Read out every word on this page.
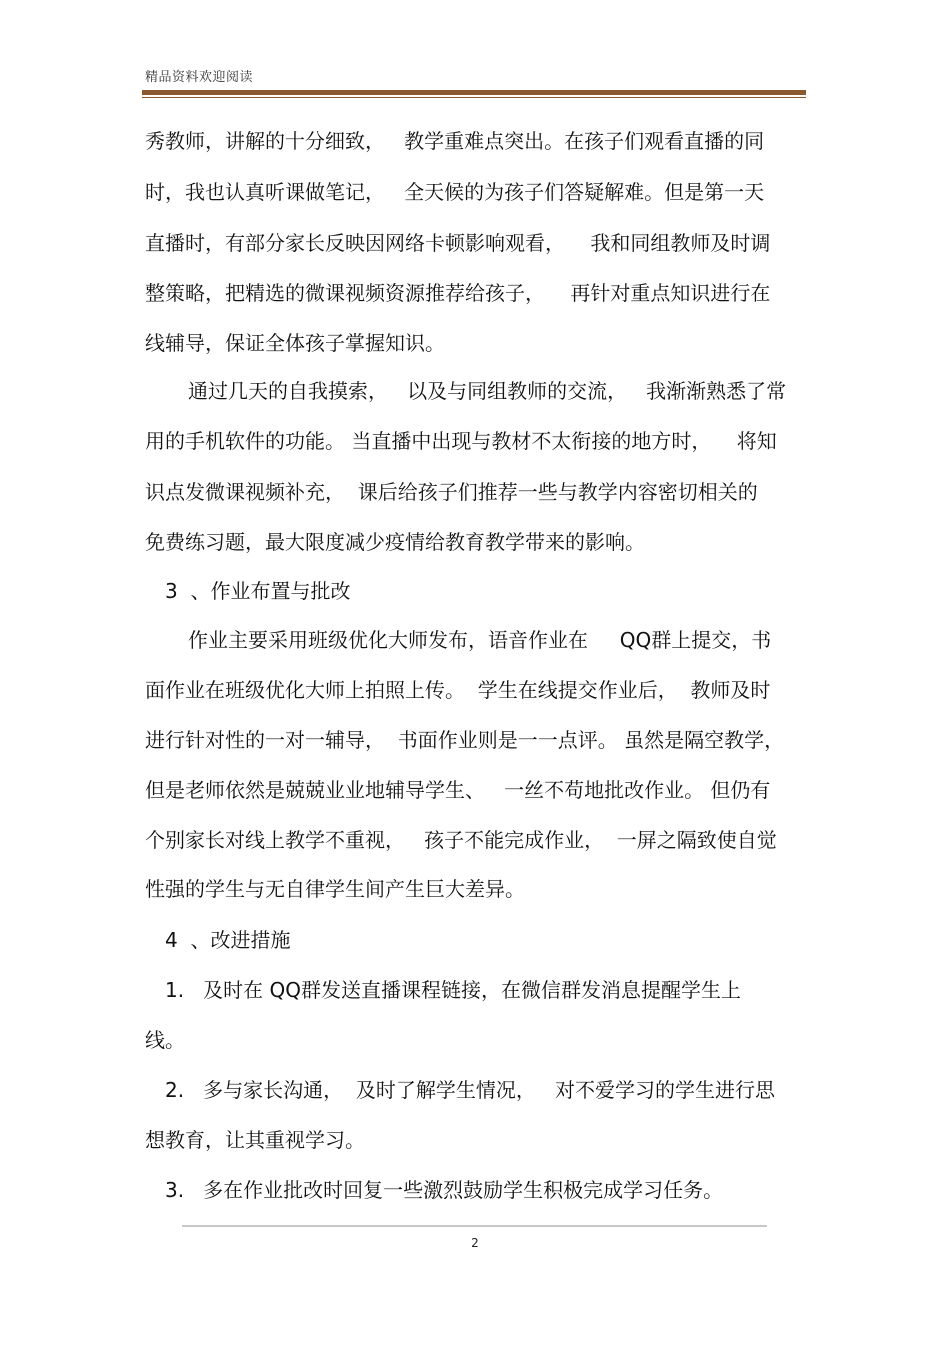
精品资料欢迎阅读
秀教师，讲解的十分细致，   教学重难点突出。在孩子们观看直播的同
时，我也认真听课做笔记，   全天候的为孩子们答疑解难。但是第一天
直播时，有部分家长反映因网络卡顿影响观看，    我和同组教师及时调
整策略，把精选的微课视频资源推荐给孩子，    再针对重点知识进行在
线辅导，保证全体孩子掌握知识。
通过几天的自我摸索，   以及与同组教师的交流，   我渐渐熟悉了常
用的手机软件的功能。 当直播中出现与教材不太衔接的地方时，    将知
识点发微课视频补充，  课后给孩子们推荐一些与教学内容密切相关的
免费练习题，最大限度减少疫情给教育教学带来的影响。
3  、作业布置与批改
作业主要采用班级优化大师发布，语音作业在     QQ群上提交，书
面作业在班级优化大师上拍照上传。  学生在线提交作业后，  教师及时
进行针对性的一对一辅导，  书面作业则是一一点评。 虽然是隔空教学，
但是老师依然是兢兢业业地辅导学生、   一丝不苟地批改作业。 但仍有
个别家长对线上教学不重视，   孩子不能完成作业，  一屏之隔致使自觉
性强的学生与无自律学生间产生巨大差异。
4  、改进措施
1.   及时在 QQ群发送直播课程链接，在微信群发消息提醒学生上
线。
2.   多与家长沟通，  及时了解学生情况，   对不爱学习的学生进行思
想教育，让其重视学习。
3.   多在作业批改时回复一些激烈鼓励学生积极完成学习任务。
2
